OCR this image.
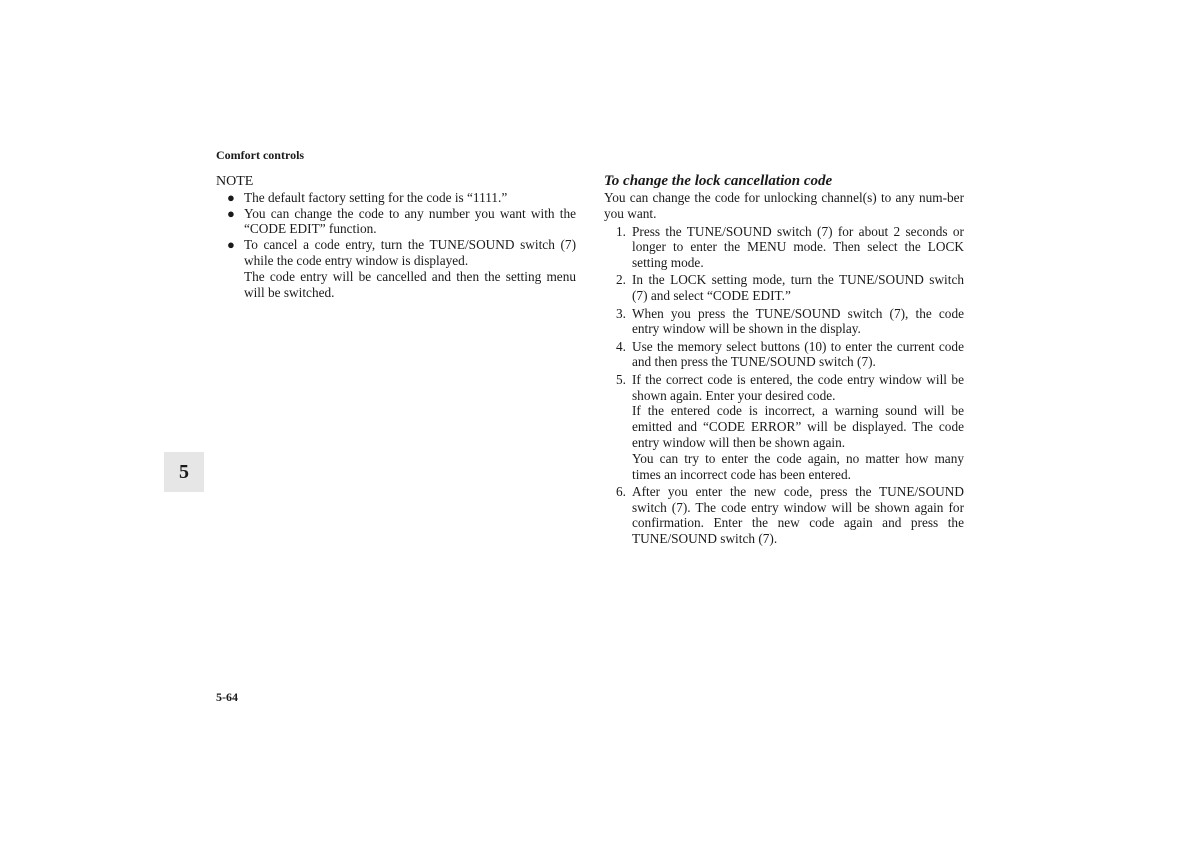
Comfort controls
5
NOTE
● The default factory setting for the code is “1111.”
● You can change the code to any number you want with the “CODE EDIT” function.
● To cancel a code entry, turn the TUNE/SOUND switch (7) while the code entry window is displayed.
The code entry will be cancelled and then the setting menu will be switched.
To change the lock cancellation code
You can change the code for unlocking channel(s) to any num-ber you want.
1. Press the TUNE/SOUND switch (7) for about 2 seconds or longer to enter the MENU mode. Then select the LOCK setting mode.
2. In the LOCK setting mode, turn the TUNE/SOUND switch (7) and select “CODE EDIT.”
3. When you press the TUNE/SOUND switch (7), the code entry window will be shown in the display.
4. Use the memory select buttons (10) to enter the current code and then press the TUNE/SOUND switch (7).
5. If the correct code is entered, the code entry window will be shown again. Enter your desired code.
If the entered code is incorrect, a warning sound will be emitted and “CODE ERROR” will be displayed. The code entry window will then be shown again.
You can try to enter the code again, no matter how many times an incorrect code has been entered.
6. After you enter the new code, press the TUNE/SOUND switch (7). The code entry window will be shown again for confirmation. Enter the new code again and press the TUNE/SOUND switch (7).
5-64
